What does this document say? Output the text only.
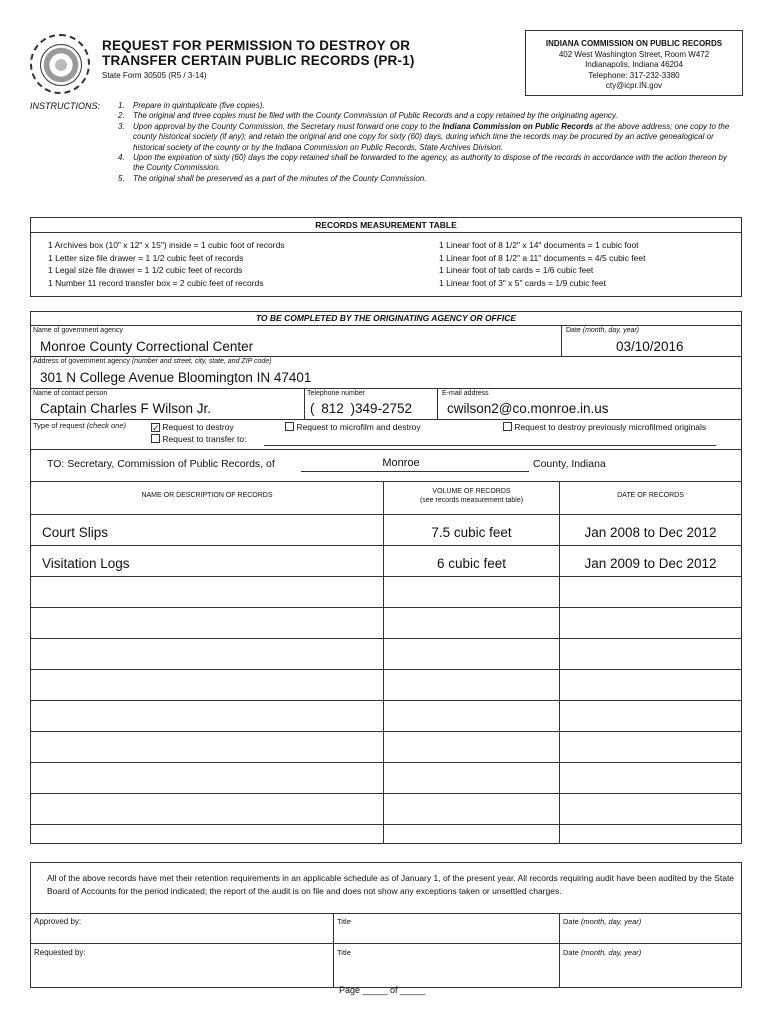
REQUEST FOR PERMISSION TO DESTROY OR
TRANSFER CERTAIN PUBLIC RECORDS (PR-1)
State Form 30505 (R5 / 3-14)
INDIANA COMMISSION ON PUBLIC RECORDS
402 West Washington Street, Room W472
Indianapolis, Indiana 46204
Telephone: 317-232-3380
cty@icpr.IN.gov
INSTRUCTIONS: 1. Prepare in quintuplicate (five copies).
2. The original and three copies must be filed with the County Commission of Public Records and a copy retained by the originating agency.
3. Upon approval by the County Commission, the Secretary must forward one copy to the Indiana Commission on Public Records at the above address; one copy to the county historical society (if any); and retain the original and one copy for sixty (60) days, during which time the records may be procured by an active genealogical or historical society of the county or by the Indiana Commission on Public Records, State Archives Division.
4. Upon the expiration of sixty (60) days the copy retained shall be forwarded to the agency, as authority to dispose of the records in accordance with the action thereon by the County Commission.
5. The original shall be preserved as a part of the minutes of the County Commission.
RECORDS MEASUREMENT TABLE
1 Archives box (10" x 12" x 15") inside = 1 cubic foot of records
1 Letter size file drawer = 1 1/2 cubic feet of records
1 Legal size file drawer = 1 1/2 cubic feet of records
1 Number 11 record transfer box = 2 cubic feet of records
1 Linear foot of 8 1/2" x 14" documents = 1 cubic foot
1 Linear foot of 8 1/2" a 11" documents = 4/5 cubic feet
1 Linear foot of tab cards = 1/6 cubic feet
1 Linear foot of 3" x 5" cards = 1/9 cubic feet
TO BE COMPLETED BY THE ORIGINATING AGENCY OR OFFICE
Name of government agency
Monroe County Correctional Center
Date (month, day, year)
03/10/2016
Address of government agency (number and street, city, state, and ZIP code)
301 N College Avenue Bloomington IN 47401
Name of contact person
Captain Charles F Wilson Jr.
Telephone number
( 812 )349-2752
E-mail address
cwilson2@co.monroe.in.us
Type of request (check one)	✓ Request to destroy	Request to microfilm and destroy	Request to destroy previously microfilmed originals
Request to transfer to:
TO: Secretary, Commission of Public Records, of	Monroe	County, Indiana
NAME OR DESCRIPTION OF RECORDS
VOLUME OF RECORDS
(see records measurement table)
DATE OF RECORDS
Court Slips	7.5 cubic feet	Jan 2008 to Dec 2012
Visitation Logs	6 cubic feet	Jan 2009 to Dec 2012
All of the above records have met their retention requirements in an applicable schedule as of January 1, of the present year. All records requiring audit have been audited by the State Board of Accounts for the period indicated; the report of the audit is on file and does not show any exceptions taken or unsettled charges.
Approved by:	Title	Date (month, day, year)
Requested by:	Title	Date (month, day, year)
Page _____ of _____
